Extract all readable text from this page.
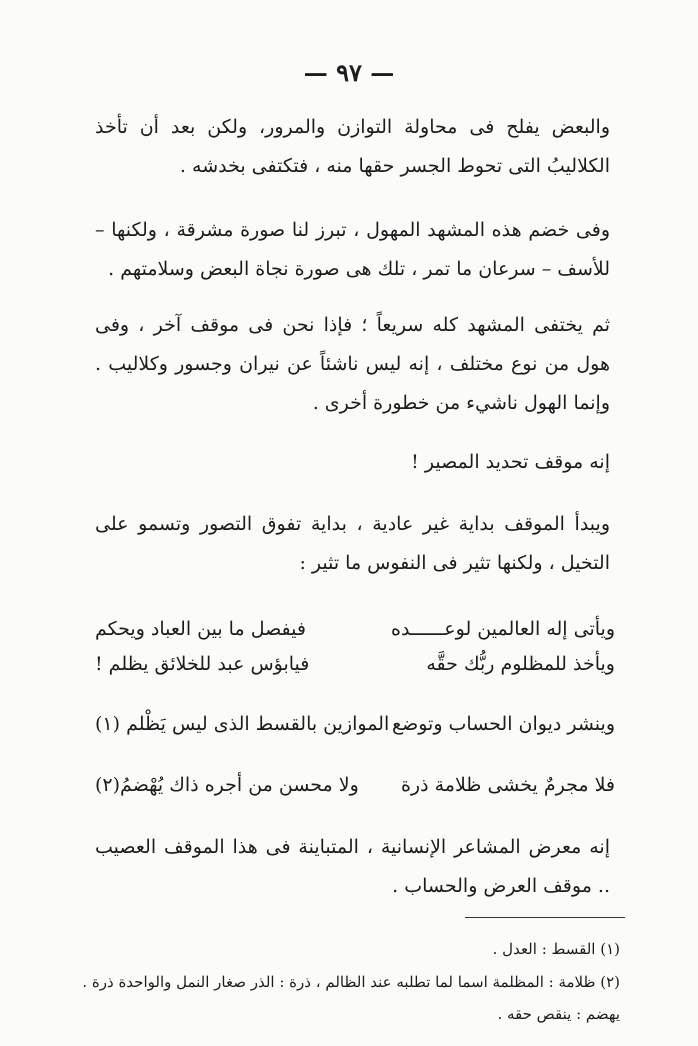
— ٩٧ —

والبعض يفلح فى محاولة التوازن والمرور، ولكن بعد أن تأخذ الكلاليبُ التى تحوط الجسر حقها منه ، فتكتفى بخدشه .

وفى خضم هذه المشهد المهول ، تبرز لنا صورة مشرقة ، ولكنها – للأسف – سرعان ما تمر ، تلك هى صورة نجاة البعض وسلامتهم .

ثم يختفى المشهد كله سريعاً ؛ فإذا نحن فى موقف آخر ، وفى هول من نوع مختلف ، إنه ليس ناشئاً عن نيران وجسور وكلاليب . وإنما الهول ناشيء من خطورة أخرى .

إنه موقف تحديد المصير !

ويبدأ الموقف بداية غير عادية ، بداية تفوق التصور وتسمو على التخيل ، ولكنها تثير فى النفوس ما تثير :

ويأتى إله العالمين لوعــــــده
فيفصل ما بين العباد ويحكم
ويأخذ للمظلوم ربُّك حقَّه
فيابؤس عبد للخلائق يظلم !
وينشر ديوان الحساب وتوضع
الموازين بالقسط الذى ليس يَظْلم (١)
فلا مجرمٌ يخشى ظلامة ذرة
ولا محسن من أجره ذاك يُهْضمُ(٢)

إنه معرض المشاعر الإنسانية ، المتباينة فى هذا الموقف العصيب .. موقف العرض والحساب .

(١) القسط : العدل .

(٢) ظلامة : المظلمة اسما لما تطلبه عند الظالم ، ذرة : الذر صغار النمل والواحدة ذرة .

يهضم : ينقص حقه .
